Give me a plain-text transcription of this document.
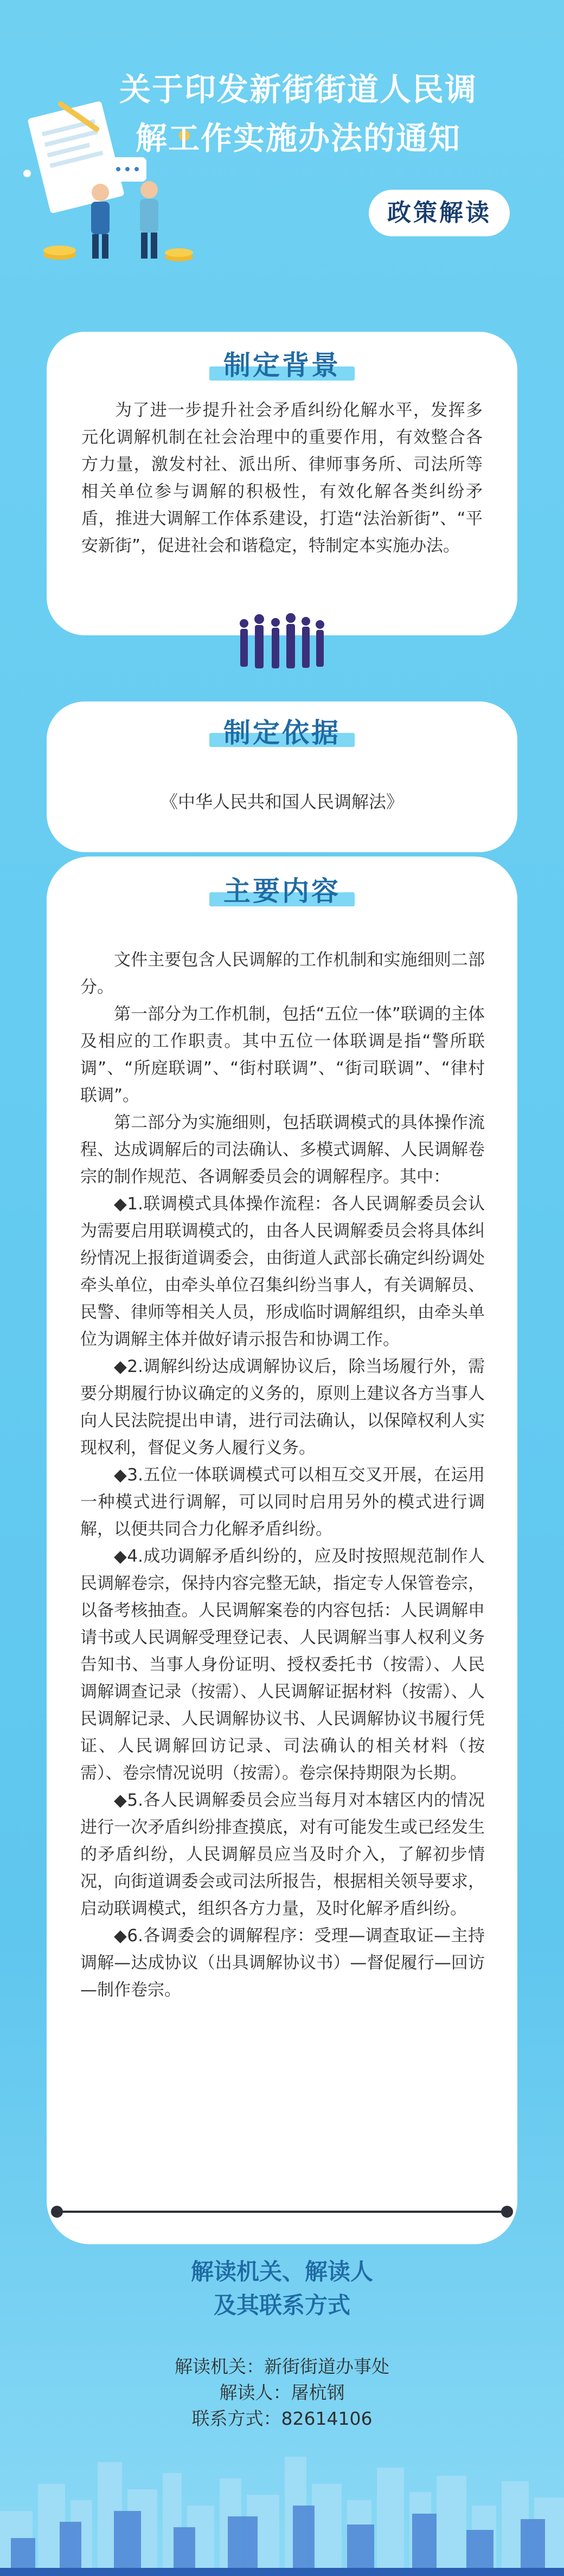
关于印发新街街道人民调
解工作实施办法的通知
政策解读
制定背景

为了进一步提升社会矛盾纠纷化解水平，发挥多元化调解机制在社会治理中的重要作用，有效整合各方力量，激发村社、派出所、律师事务所、司法所等相关单位参与调解的积极性，有效化解各类纠纷矛盾，推进大调解工作体系建设，打造“法治新街”、“平安新街”，促进社会和谐稳定，特制定本实施办法。

制定依据
《中华人民共和国人民调解法》
主要内容

文件主要包含人民调解的工作机制和实施细则二部分。

第一部分为工作机制，包括“五位一体”联调的主体及相应的工作职责。其中五位一体联调是指“警所联调”、“所庭联调”、“街村联调”、“街司联调”、“律村联调”。

第二部分为实施细则，包括联调模式的具体操作流程、达成调解后的司法确认、多模式调解、人民调解卷宗的制作规范、各调解委员会的调解程序。其中：

◆1.联调模式具体操作流程：各人民调解委员会认为需要启用联调模式的，由各人民调解委员会将具体纠纷情况上报街道调委会，由街道人武部长确定纠纷调处牵头单位，由牵头单位召集纠纷当事人，有关调解员、民警、律师等相关人员，形成临时调解组织，由牵头单位为调解主体并做好请示报告和协调工作。

◆2.调解纠纷达成调解协议后，除当场履行外，需要分期履行协议确定的义务的，原则上建议各方当事人向人民法院提出申请，进行司法确认，以保障权利人实现权利，督促义务人履行义务。

◆3.五位一体联调模式可以相互交叉开展，在运用一种模式进行调解，可以同时启用另外的模式进行调解，以便共同合力化解矛盾纠纷。

◆4.成功调解矛盾纠纷的，应及时按照规范制作人民调解卷宗，保持内容完整无缺，指定专人保管卷宗，以备考核抽查。人民调解案卷的内容包括：人民调解申请书或人民调解受理登记表、人民调解当事人权利义务告知书、当事人身份证明、授权委托书（按需）、人民调解调查记录（按需）、人民调解证据材料（按需）、人民调解记录、人民调解协议书、人民调解协议书履行凭证、人民调解回访记录、司法确认的相关材料（按需）、卷宗情况说明（按需）。卷宗保持期限为长期。

◆5.各人民调解委员会应当每月对本辖区内的情况进行一次矛盾纠纷排查摸底，对有可能发生或已经发生的矛盾纠纷，人民调解员应当及时介入，了解初步情况，向街道调委会或司法所报告，根据相关领导要求，启动联调模式，组织各方力量，及时化解矛盾纠纷。

◆6.各调委会的调解程序：受理—调查取证—主持调解—达成协议（出具调解协议书）—督促履行—回访—制作卷宗。

解读机关、解读人
及其联系方式
解读机关：新街街道办事处
解读人：屠杭钢
联系方式：82614106
